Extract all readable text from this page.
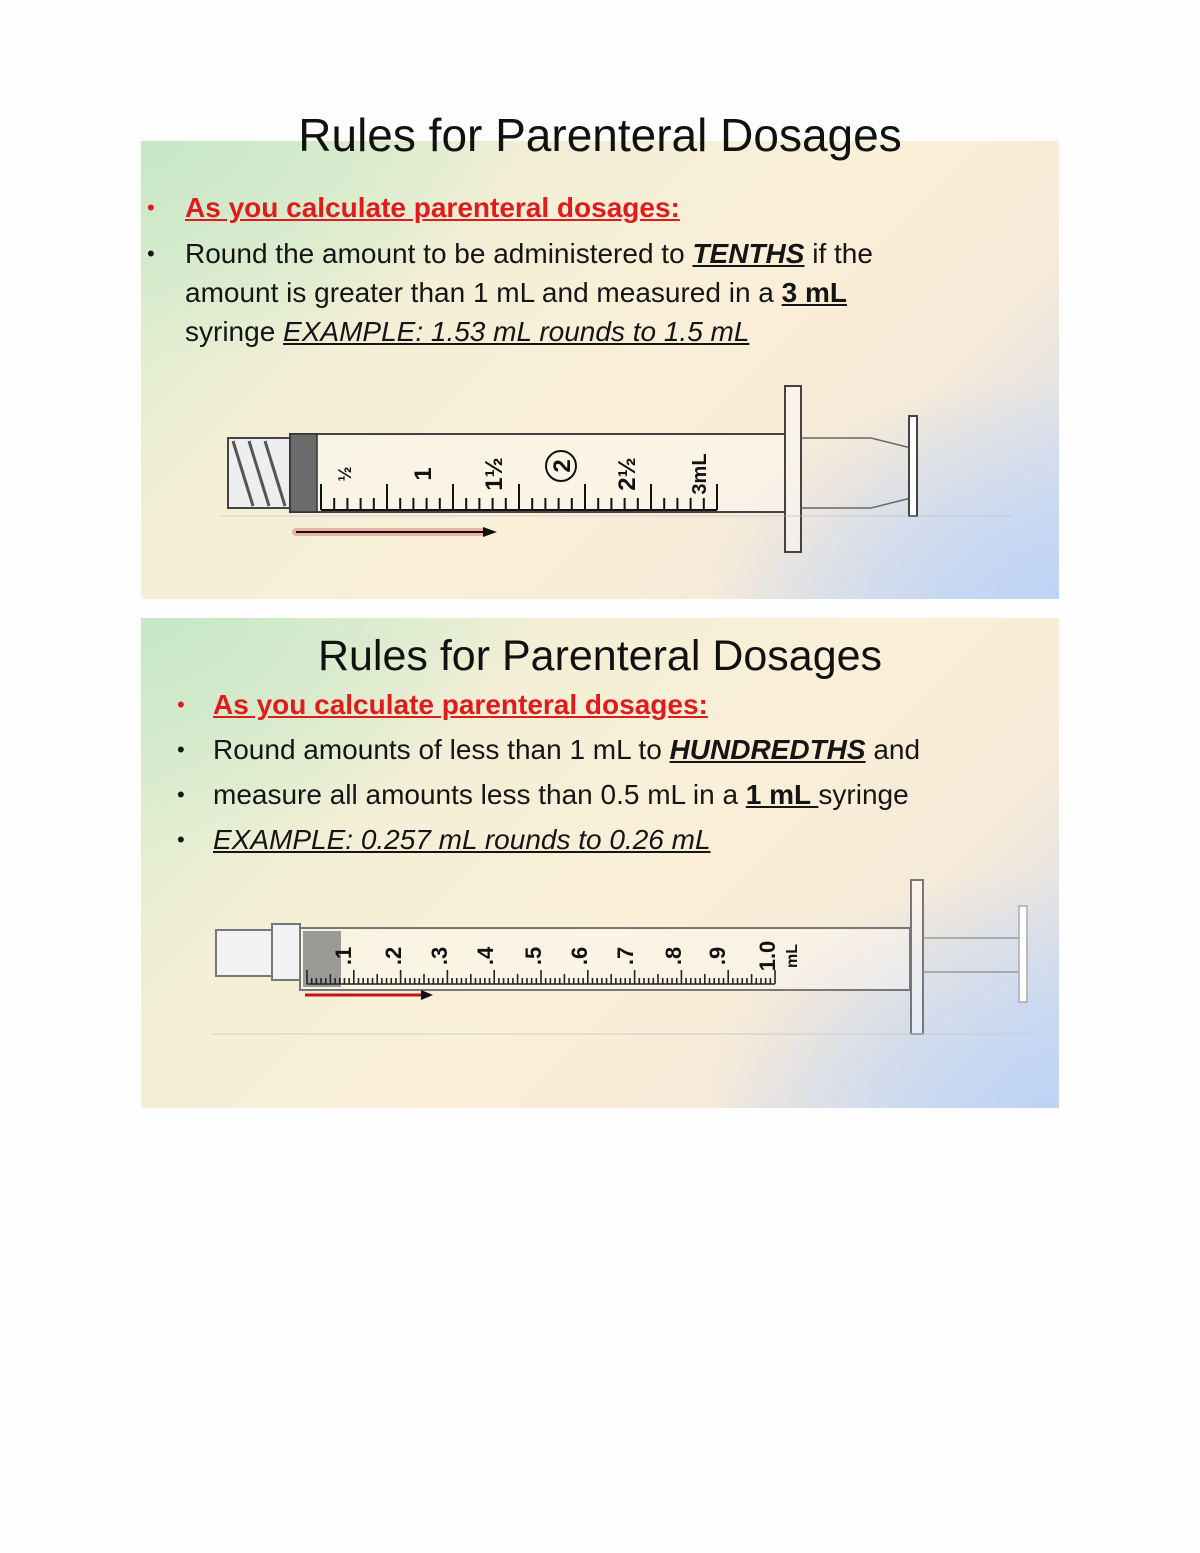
Rules for Parenteral Dosages
• As you calculate parenteral dosages:
• Round the amount to be administered to TENTHS if the
amount is greater than 1 mL and measured in a 3 mL
syringe EXAMPLE: 1.53 mL rounds to 1.5 mL
½ 1 1½ 2 2½ 3mL
Rules for Parenteral Dosages
• As you calculate parenteral dosages:
• Round amounts of less than 1 mL to HUNDREDTHS and
• measure all amounts less than 0.5 mL in a 1 mL syringe
• EXAMPLE: 0.257 mL rounds to 0.26 mL
.1 .2 .3 .4 .5 .6 .7 .8 .9 1.0 mL
